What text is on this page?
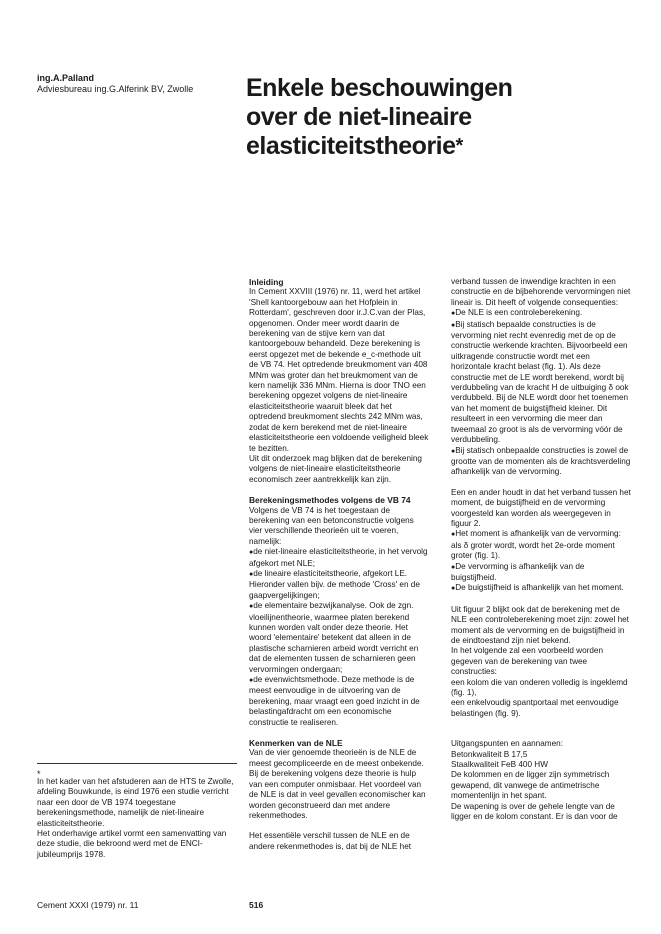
ing.A.Palland
Adviesbureau ing.G.Alferink BV, Zwolle Enkele beschouwingen
over de niet-lineaire
elasticiteitstheorie*
Inleiding

In Cement XXVIII (1976) nr. 11, werd het artikel 'Shell kantoorgebouw aan het Hofplein in Rotterdam', geschreven door ir.J.C.van der Plas, opgenomen. Onder meer wordt daarin de berekening van de stijve kern van dat kantoorgebouw behandeld. Deze berekening is eerst opgezet met de bekende e_c-methode uit de VB 74. Het optredende breukmoment van 408 MNm was groter dan het breukmoment van de kern namelijk 336 MNm. Hierna is door TNO een berekening opgezet volgens de niet-lineaire elasticiteitstheorie waaruit bleek dat het optredend breukmoment slechts 242 MNm was, zodat de kern berekend met de niet-lineaire elasticiteitstheorie een voldoende veiligheid bleek te bezitten.

Uit dit onderzoek mag blijken dat de berekening volgens de niet-lineaire elasticiteitstheorie economisch zeer aantrekkelijk kan zijn.

Berekeningsmethodes volgens de VB 74

Volgens de VB 74 is het toegestaan de berekening van een betonconstructie volgens vier verschillende theorieën uit te voeren, namelijk:

● de niet-lineaire elasticiteitstheorie, in het vervolg afgekort met NLE;

● de lineaire elasticiteitstheorie, afgekort LE. Hieronder vallen bijv. de methode 'Cross' en de gaapvergelijkingen;

● de elementaire bezwijkanalyse. Ook de zgn. vloeilijnentheorie, waarmee platen berekend kunnen worden valt onder deze theorie. Het woord 'elementaire' betekent dat alleen in de plastische scharnieren arbeid wordt verricht en dat de elementen tussen de scharnieren geen vervormingen ondergaan;

● de evenwichtsmethode. Deze methode is de meest eenvoudige in de uitvoering van de berekening, maar vraagt een goed inzicht in de belastingafdracht om een economische constructie te realiseren.

Kenmerken van de NLE

Van de vier genoemde theorieën is de NLE de meest gecompliceerde en de meest onbekende. Bij de berekening volgens deze theorie is hulp van een computer onmisbaar. Het voordeel van de NLE is dat in veel gevallen economischer kan worden geconstrueerd dan met andere rekenmethodes.

Het essentiële verschil tussen de NLE en de andere rekenmethodes is, dat bij de NLE het

verband tussen de inwendige krachten in een constructie en de bijbehorende vervormingen niet lineair is. Dit heeft of volgende consequenties:

● De NLE is een controleberekening.

● Bij statisch bepaalde constructies is de vervorming niet recht evenredig met de op de constructie werkende krachten. Bijvoorbeeld een uitkragende constructie wordt met een horizontale kracht belast (fig. 1). Als deze constructie met de LE wordt berekend, wordt bij verdubbeling van de kracht H de uitbuiging δ ook verdubbeld. Bij de NLE wordt door het toenemen van het moment de buigstijfheid kleiner. Dit resulteert in een vervorming die meer dan tweemaal zo groot is als de vervorming vóór de verdubbeling.

● Bij statisch onbepaalde constructies is zowel de grootte van de momenten als de krachtsverdeling afhankelijk van de vervorming.

Een en ander houdt in dat het verband tussen het moment, de buigstijfheid en de vervorming voorgesteld kan worden als weergegeven in figuur 2.

● Het moment is afhankelijk van de vervorming: als δ groter wordt, wordt het 2e-orde moment groter (fig. 1).

● De vervorming is afhankelijk van de buigstijfheid.

● De buigstijfheid is afhankelijk van het moment.

Uit figuur 2 blijkt ook dat de berekening met de NLE een controleberekening moet zijn: zowel het moment als de vervorming en de buigstijfheid in de eindtoestand zijn niet bekend.

In het volgende zal een voorbeeld worden gegeven van de berekening van twee constructies:

een kolom die van onderen volledig is ingeklemd (fig. 1),

een enkelvoudig spantportaal met eenvoudige belastingen (fig. 9).

Uitgangspunten en aannamen:

Betonkwaliteit B 17,5

Staalkwaliteit FeB 400 HW

De kolommen en de ligger zijn symmetrisch gewapend, dit vanwege de antimetrische momentenlijn in het spant.

De wapening is over de gehele lengte van de ligger en de kolom constant. Er is dan voor de

*

In het kader van het afstuderen aan de HTS te Zwolle, afdeling Bouwkunde, is eind 1976 een studie verricht naar een door de VB 1974 toegestane berekeningsmethode, namelijk de niet-lineaire elasticiteitstheorie.

Het onderhavige artikel vormt een samenvatting van deze studie, die bekroond werd met de ENCI-jubileumprijs 1978.

Cement XXXI (1979) nr. 11	516
